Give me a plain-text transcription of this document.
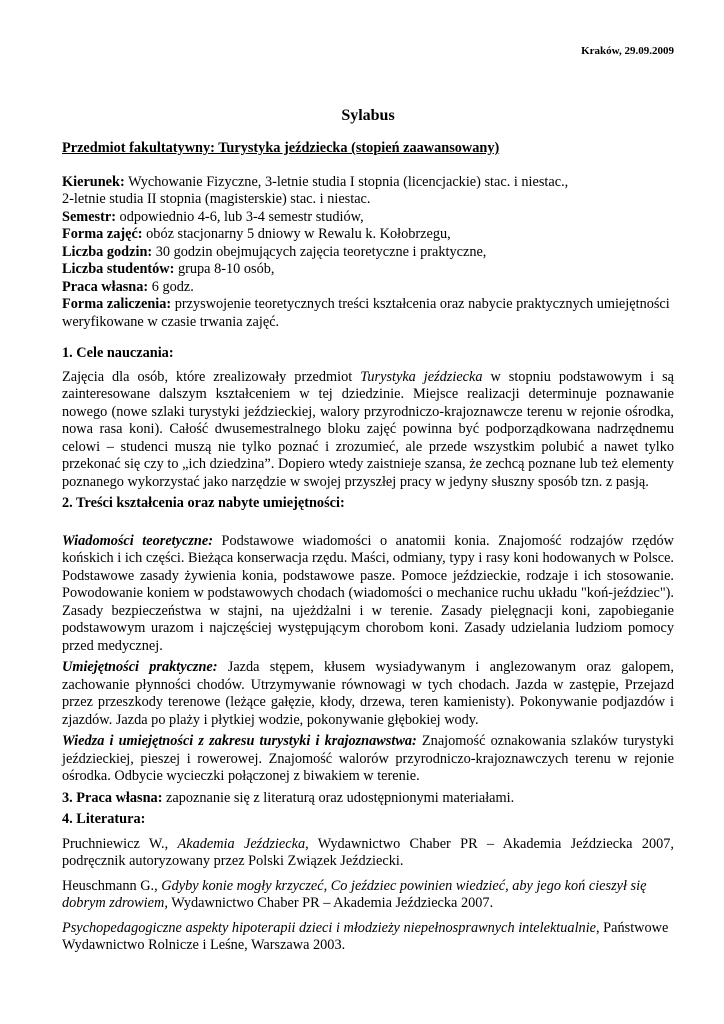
Kraków, 29.09.2009
Sylabus
Przedmiot fakultatywny: Turystyka jeździecka (stopień zaawansowany)

Kierunek: Wychowanie Fizyczne, 3-letnie studia I stopnia (licencjackie) stac. i niestac.,

2-letnie studia II stopnia (magisterskie) stac. i niestac.

Semestr: odpowiednio 4-6, lub 3-4 semestr studiów,

Forma zajęć: obóz stacjonarny 5 dniowy w Rewalu k. Kołobrzegu,

Liczba godzin: 30 godzin obejmujących zajęcia teoretyczne i praktyczne,

Liczba studentów: grupa 8-10 osób,

Praca własna: 6 godz.

Forma zaliczenia: przyswojenie teoretycznych treści kształcenia oraz nabycie praktycznych umiejętności weryfikowane w czasie trwania zajęć.

1. Cele nauczania:

Zajęcia dla osób, które zrealizowały przedmiot Turystyka jeździecka w stopniu podstawowym i są zainteresowane dalszym kształceniem w tej dziedzinie. Miejsce realizacji determinuje poznawanie nowego (nowe szlaki turystyki jeździeckiej, walory przyrodniczo-krajoznawcze terenu w rejonie ośrodka, nowa rasa koni). Całość dwusemestralnego bloku zajęć powinna być podporządkowana nadrzędnemu celowi – studenci muszą nie tylko poznać i zrozumieć, ale przede wszystkim polubić a nawet tylko przekonać się czy to „ich dziedzina”. Dopiero wtedy zaistnieje szansa, że zechcą poznane lub też elementy poznanego wykorzystać jako narzędzie w swojej przyszłej pracy w jedyny słuszny sposób tzn. z pasją.

2. Treści kształcenia oraz nabyte umiejętności:

Wiadomości teoretyczne: Podstawowe wiadomości o anatomii konia. Znajomość rodzajów rzędów końskich i ich części. Bieżąca konserwacja rzędu. Maści, odmiany, typy i rasy koni hodowanych w Polsce. Podstawowe zasady żywienia konia, podstawowe pasze. Pomoce jeździeckie, rodzaje i ich stosowanie. Powodowanie koniem w podstawowych chodach (wiadomości o mechanice ruchu układu "koń-jeździec"). Zasady bezpieczeństwa w stajni, na ujeżdżalni i w terenie. Zasady pielęgnacji koni, zapobieganie podstawowym urazom i najczęściej występującym chorobom koni. Zasady udzielania ludziom pomocy przed medycznej.

Umiejętności praktyczne: Jazda stępem, kłusem wysiadywanym i anglezowanym oraz galopem, zachowanie płynności chodów. Utrzymywanie równowagi w tych chodach. Jazda w zastępie, Przejazd przez przeszkody terenowe (leżące gałęzie, kłody, drzewa, teren kamienisty). Pokonywanie podjazdów i zjazdów. Jazda po plaży i płytkiej wodzie, pokonywanie głębokiej wody.

Wiedza i umiejętności z zakresu turystyki i krajoznawstwa: Znajomość oznakowania szlaków turystyki jeździeckiej, pieszej i rowerowej. Znajomość walorów przyrodniczo-krajoznawczych terenu w rejonie ośrodka. Odbycie wycieczki połączonej z biwakiem w terenie.

3. Praca własna: zapoznanie się z literaturą oraz udostępnionymi materiałami.

4. Literatura:

Pruchniewicz W., Akademia Jeździecka, Wydawnictwo Chaber PR – Akademia Jeździecka 2007, podręcznik autoryzowany przez Polski Związek Jeździecki.

Heuschmann G., Gdyby konie mogły krzyczeć, Co jeździec powinien wiedzieć, aby jego koń cieszył się dobrym zdrowiem, Wydawnictwo Chaber PR – Akademia Jeździecka 2007.

Psychopedagogiczne aspekty hipoterapii dzieci i młodzieży niepełnosprawnych intelektualnie, Państwowe Wydawnictwo Rolnicze i Leśne, Warszawa 2003.
